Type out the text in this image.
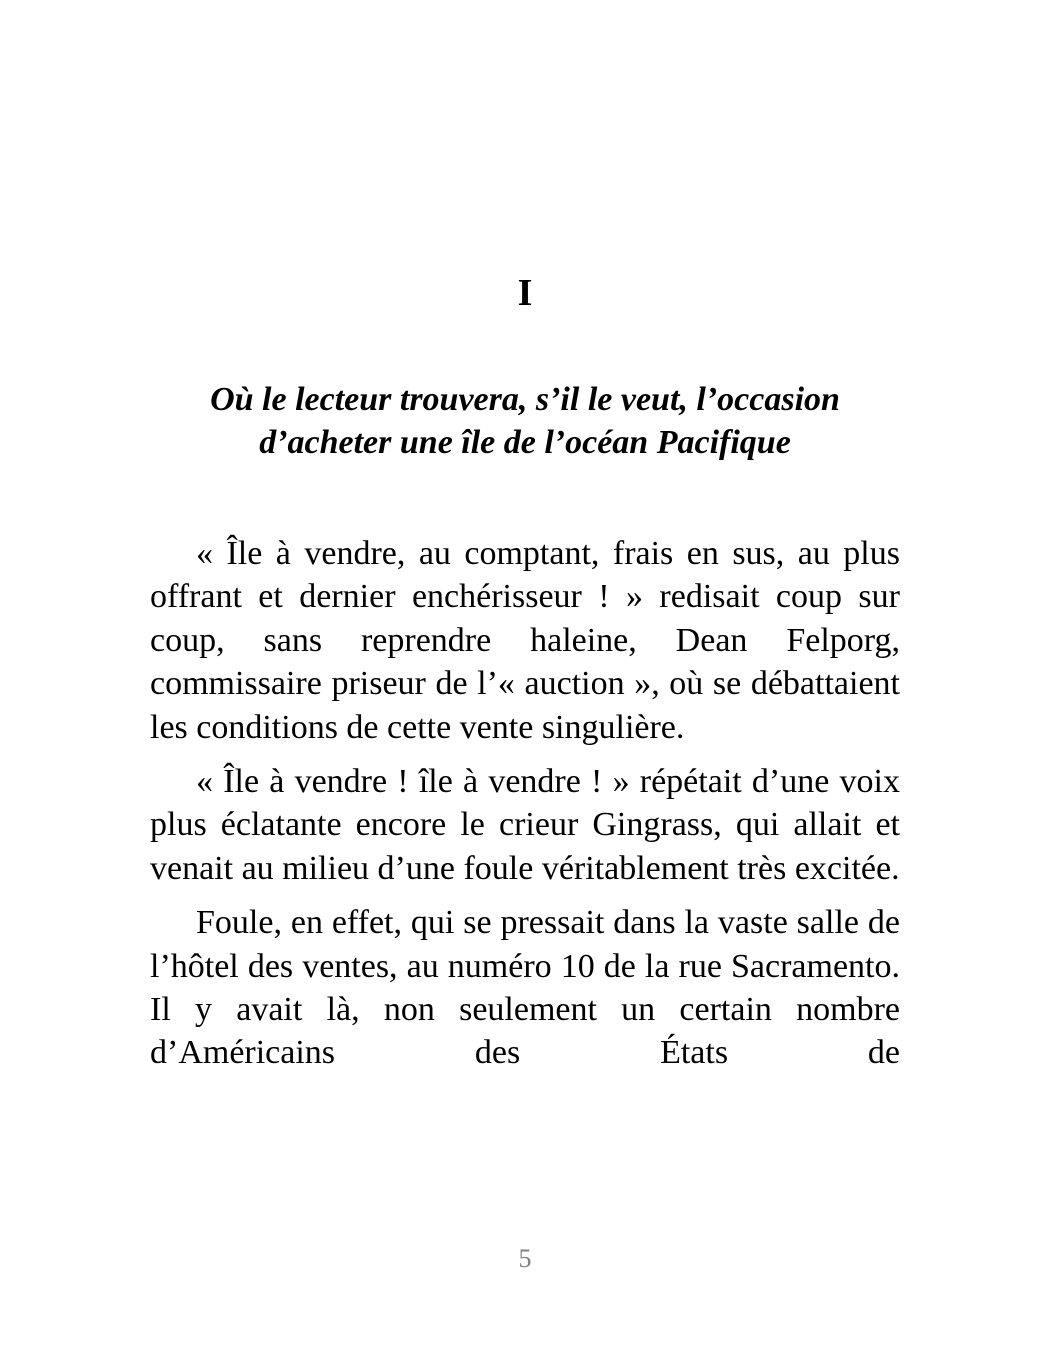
I
Où le lecteur trouvera, s’il le veut, l’occasion
d’acheter une île de l’océan Pacifique

« Île à vendre, au comptant, frais en sus, au plus offrant et dernier enchérisseur ! » redisait coup sur coup, sans reprendre haleine, Dean Felporg, commissaire priseur de l’« auction », où se débattaient les conditions de cette vente singulière.

« Île à vendre ! île à vendre ! » répétait d’une voix plus éclatante encore le crieur Gingrass, qui allait et venait au milieu d’une foule véritablement très excitée.

Foule, en effet, qui se pressait dans la vaste salle de l’hôtel des ventes, au numéro 10 de la rue Sacramento. Il y avait là, non seulement un certain nombre d’Américains des États de

5
